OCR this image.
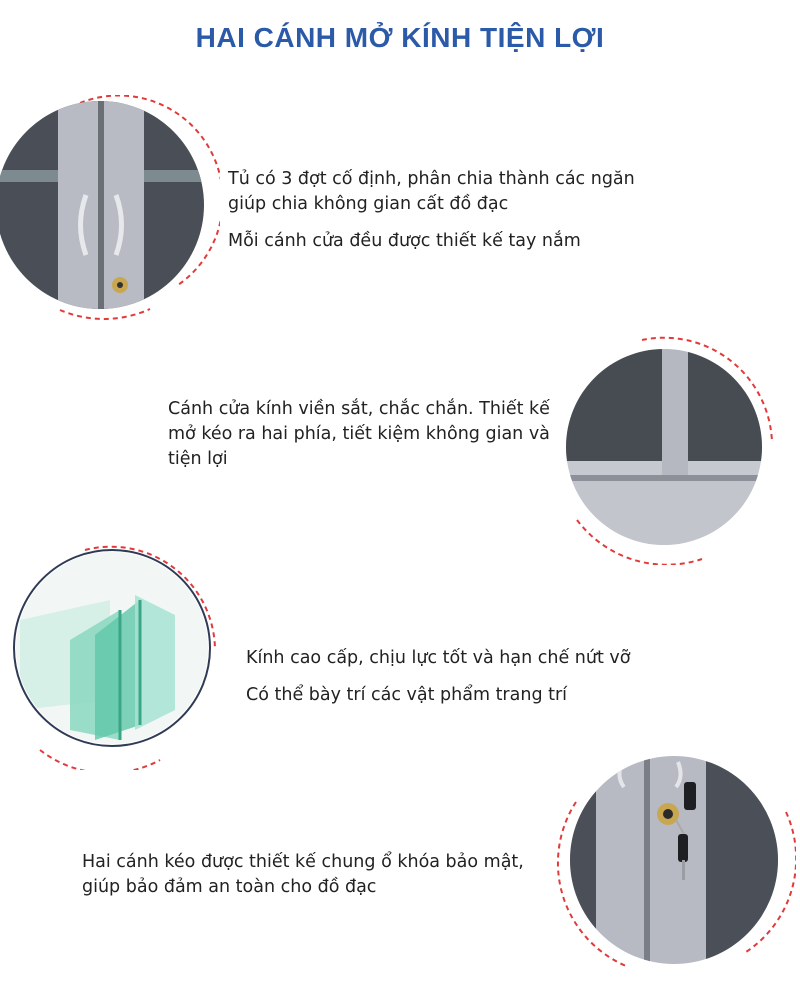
HAI CÁNH MỞ KÍNH TIỆN LỢI

Tủ có 3 đợt cố định, phân chia thành các ngăn giúp chia không gian cất đồ đạc

Mỗi cánh cửa đều được thiết kế tay nắm

Cánh cửa kính viền sắt, chắc chắn. Thiết kế mở kéo ra hai phía, tiết kiệm không gian và tiện lợi

Kính cao cấp, chịu lực tốt và hạn chế nứt vỡ

Có thể bày trí các vật phẩm trang trí

Hai cánh kéo được thiết kế chung ổ khóa bảo mật, giúp bảo đảm an toàn cho đồ đạc
